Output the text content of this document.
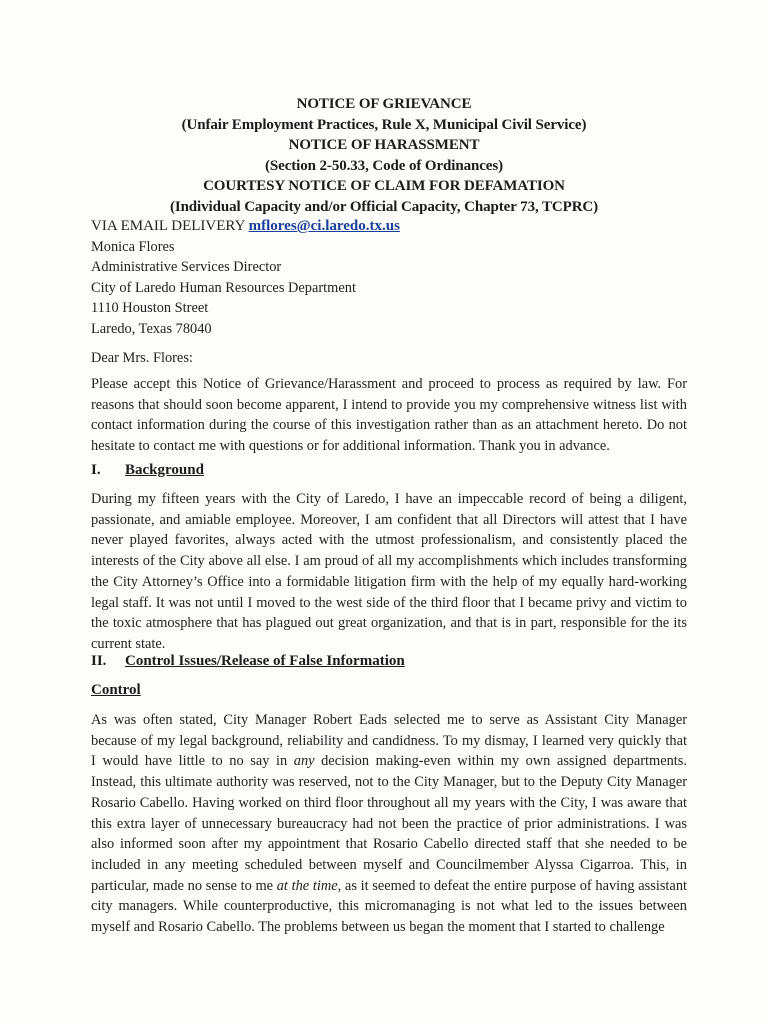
NOTICE OF GRIEVANCE
(Unfair Employment Practices, Rule X, Municipal Civil Service)
NOTICE OF HARASSMENT
(Section 2-50.33, Code of Ordinances)
COURTESY NOTICE OF CLAIM FOR DEFAMATION
(Individual Capacity and/or Official Capacity, Chapter 73, TCPRC)
VIA EMAIL DELIVERY mflores@ci.laredo.tx.us
Monica Flores
Administrative Services Director
City of Laredo Human Resources Department
1110 Houston Street
Laredo, Texas 78040
Dear Mrs. Flores:
Please accept this Notice of Grievance/Harassment and proceed to process as required by law. For reasons that should soon become apparent, I intend to provide you my comprehensive witness list with contact information during the course of this investigation rather than as an attachment hereto. Do not hesitate to contact me with questions or for additional information. Thank you in advance.
I. Background
During my fifteen years with the City of Laredo, I have an impeccable record of being a diligent, passionate, and amiable employee. Moreover, I am confident that all Directors will attest that I have never played favorites, always acted with the utmost professionalism, and consistently placed the interests of the City above all else. I am proud of all my accomplishments which includes transforming the City Attorney’s Office into a formidable litigation firm with the help of my equally hard-working legal staff. It was not until I moved to the west side of the third floor that I became privy and victim to the toxic atmosphere that has plagued out great organization, and that is in part, responsible for the its current state.
II. Control Issues/Release of False Information
Control
As was often stated, City Manager Robert Eads selected me to serve as Assistant City Manager because of my legal background, reliability and candidness. To my dismay, I learned very quickly that I would have little to no say in any decision making-even within my own assigned departments. Instead, this ultimate authority was reserved, not to the City Manager, but to the Deputy City Manager Rosario Cabello. Having worked on third floor throughout all my years with the City, I was aware that this extra layer of unnecessary bureaucracy had not been the practice of prior administrations. I was also informed soon after my appointment that Rosario Cabello directed staff that she needed to be included in any meeting scheduled between myself and Councilmember Alyssa Cigarroa. This, in particular, made no sense to me at the time, as it seemed to defeat the entire purpose of having assistant city managers. While counterproductive, this micromanaging is not what led to the issues between myself and Rosario Cabello. The problems between us began the moment that I started to challenge
